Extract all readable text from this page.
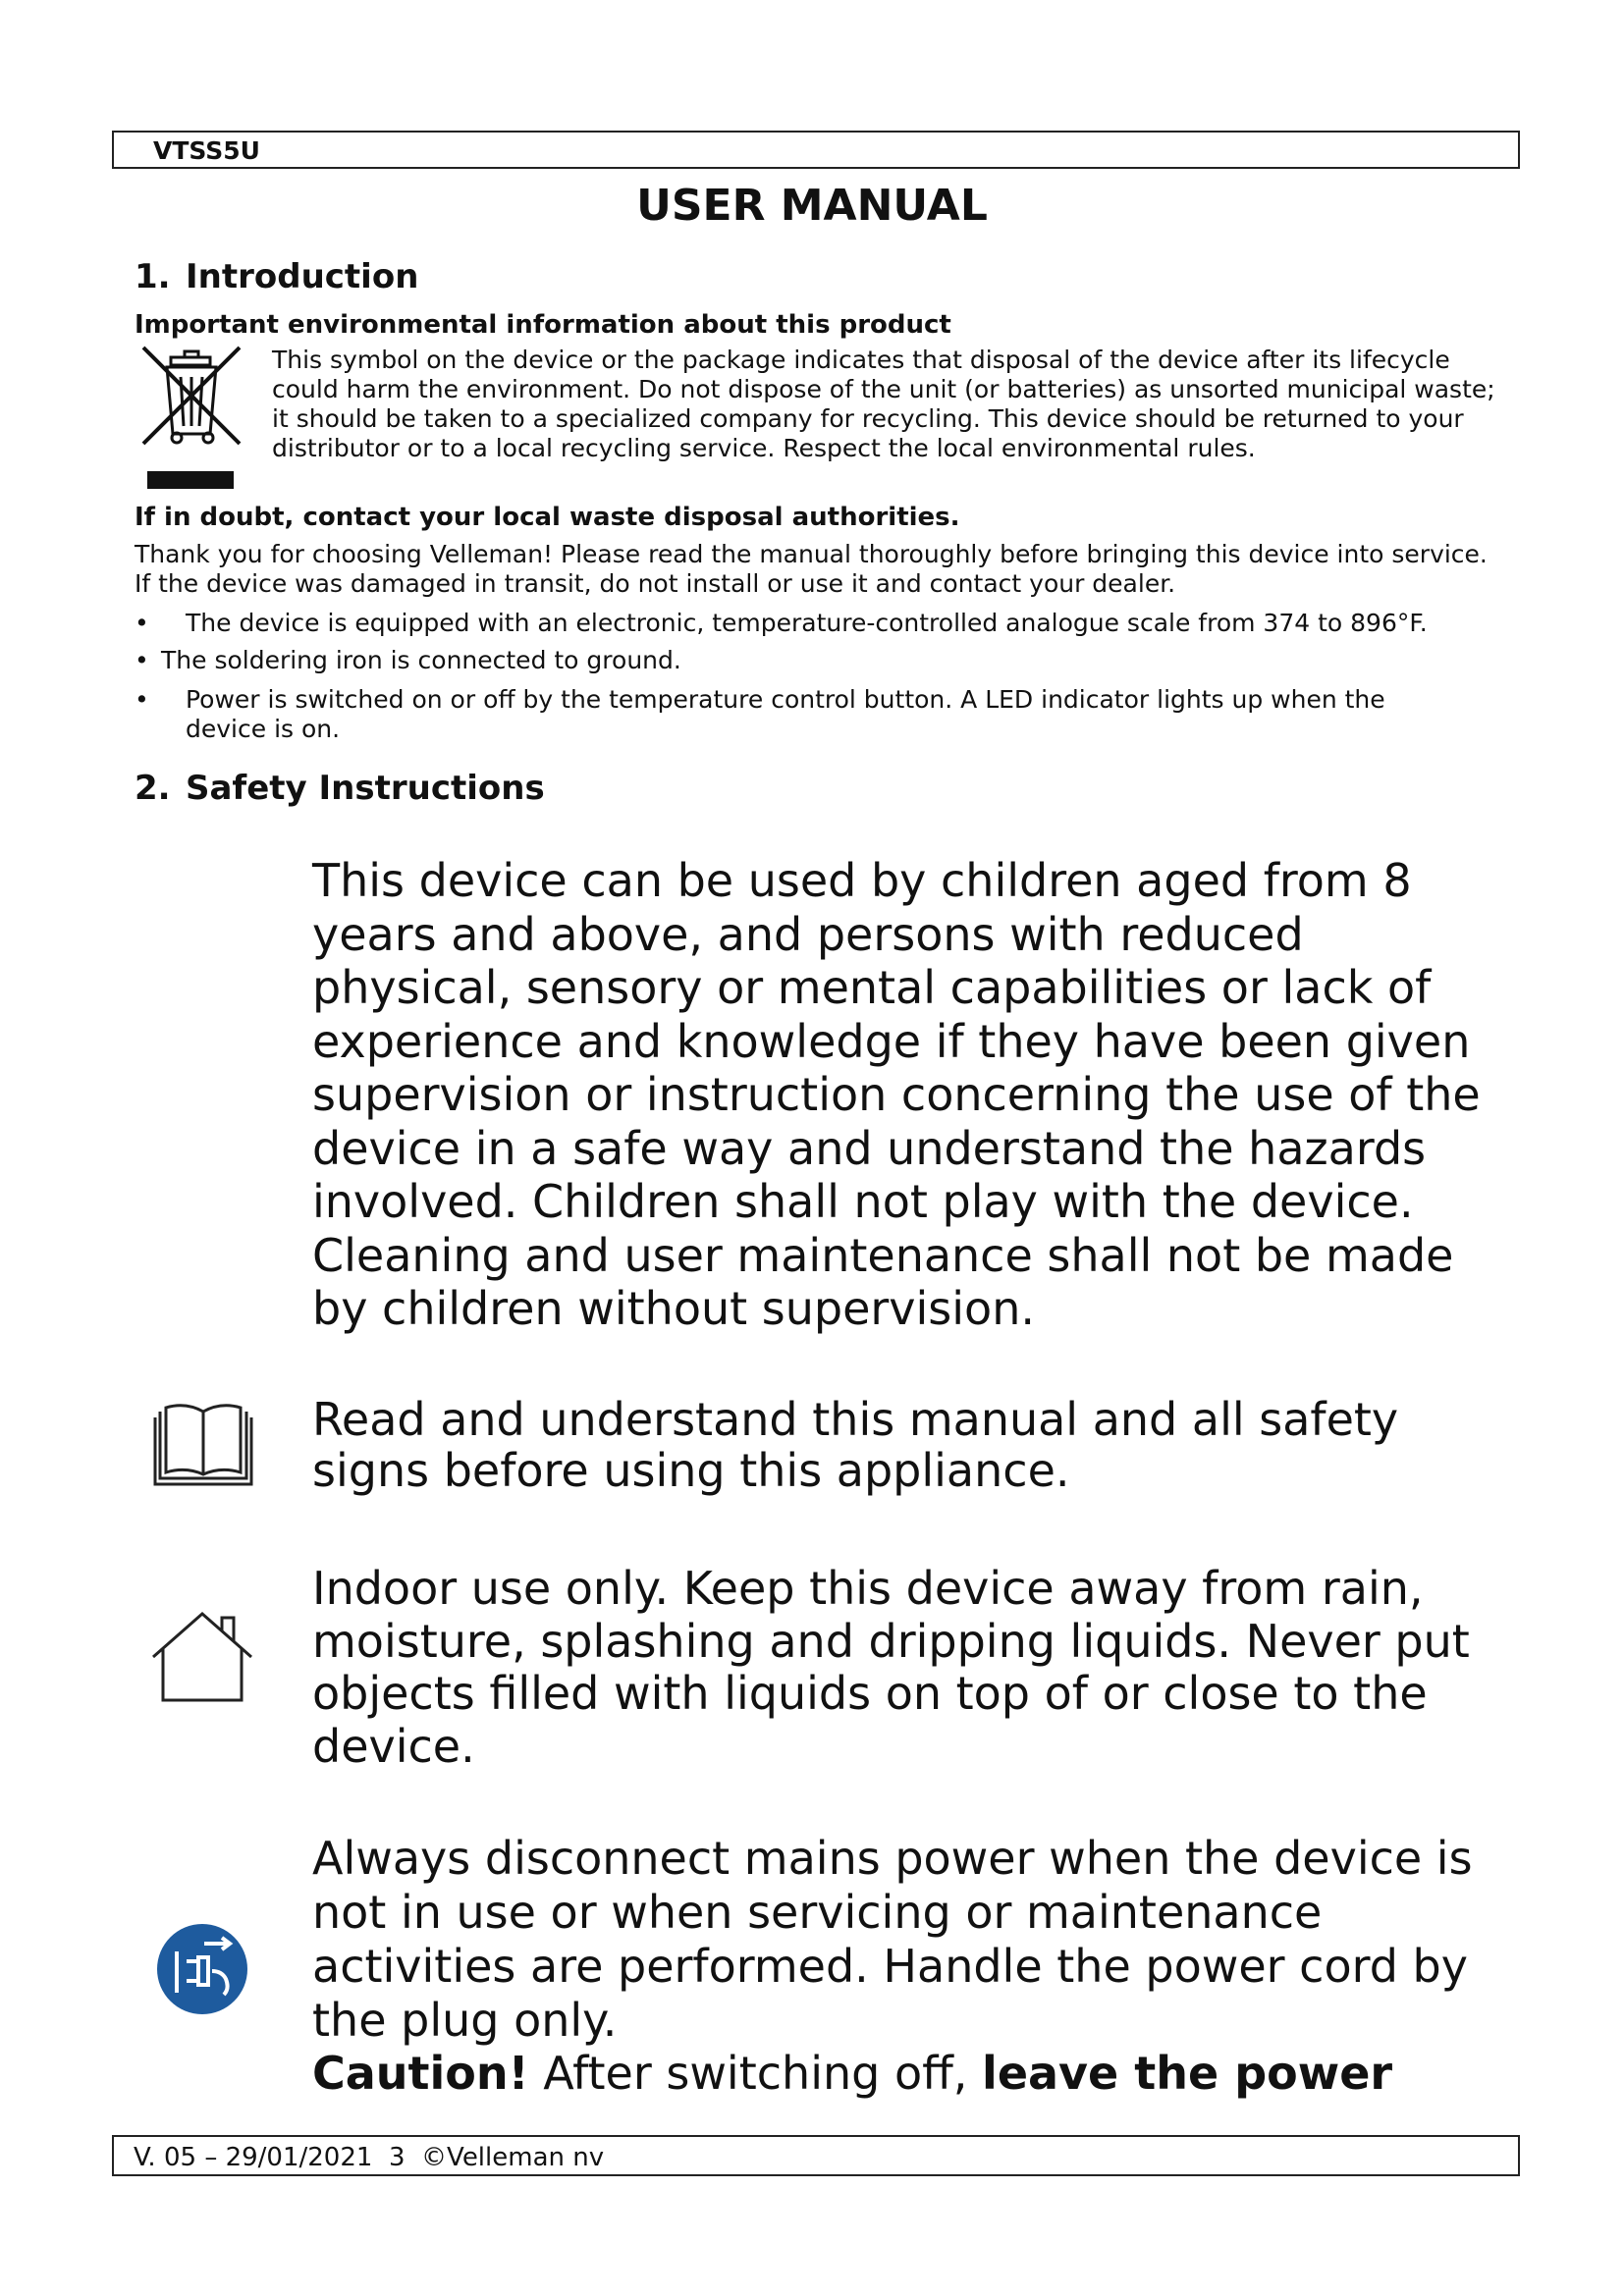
VTSS5U
USER MANUAL
1. Introduction
Important environmental information about this product
This symbol on the device or the package indicates that disposal of the device after its lifecycle could harm the environment. Do not dispose of the unit (or batteries) as unsorted municipal waste; it should be taken to a specialized company for recycling. This device should be returned to your distributor or to a local recycling service. Respect the local environmental rules.
If in doubt, contact your local waste disposal authorities.
Thank you for choosing Velleman! Please read the manual thoroughly before bringing this device into service. If the device was damaged in transit, do not install or use it and contact your dealer.
• The device is equipped with an electronic, temperature-controlled analogue scale from 374 to 896°F.
• The soldering iron is connected to ground.
• Power is switched on or off by the temperature control button. A LED indicator lights up when the device is on.
2. Safety Instructions
This device can be used by children aged from 8 years and above, and persons with reduced physical, sensory or mental capabilities or lack of experience and knowledge if they have been given supervision or instruction concerning the use of the device in a safe way and understand the hazards involved. Children shall not play with the device. Cleaning and user maintenance shall not be made by children without supervision.
Read and understand this manual and all safety signs before using this appliance.
Indoor use only. Keep this device away from rain, moisture, splashing and dripping liquids. Never put objects filled with liquids on top of or close to the device.
Always disconnect mains power when the device is not in use or when servicing or maintenance activities are performed. Handle the power cord by the plug only.
Caution! After switching off, leave the power
V. 05 – 29/01/2021 3 ©Velleman nv
